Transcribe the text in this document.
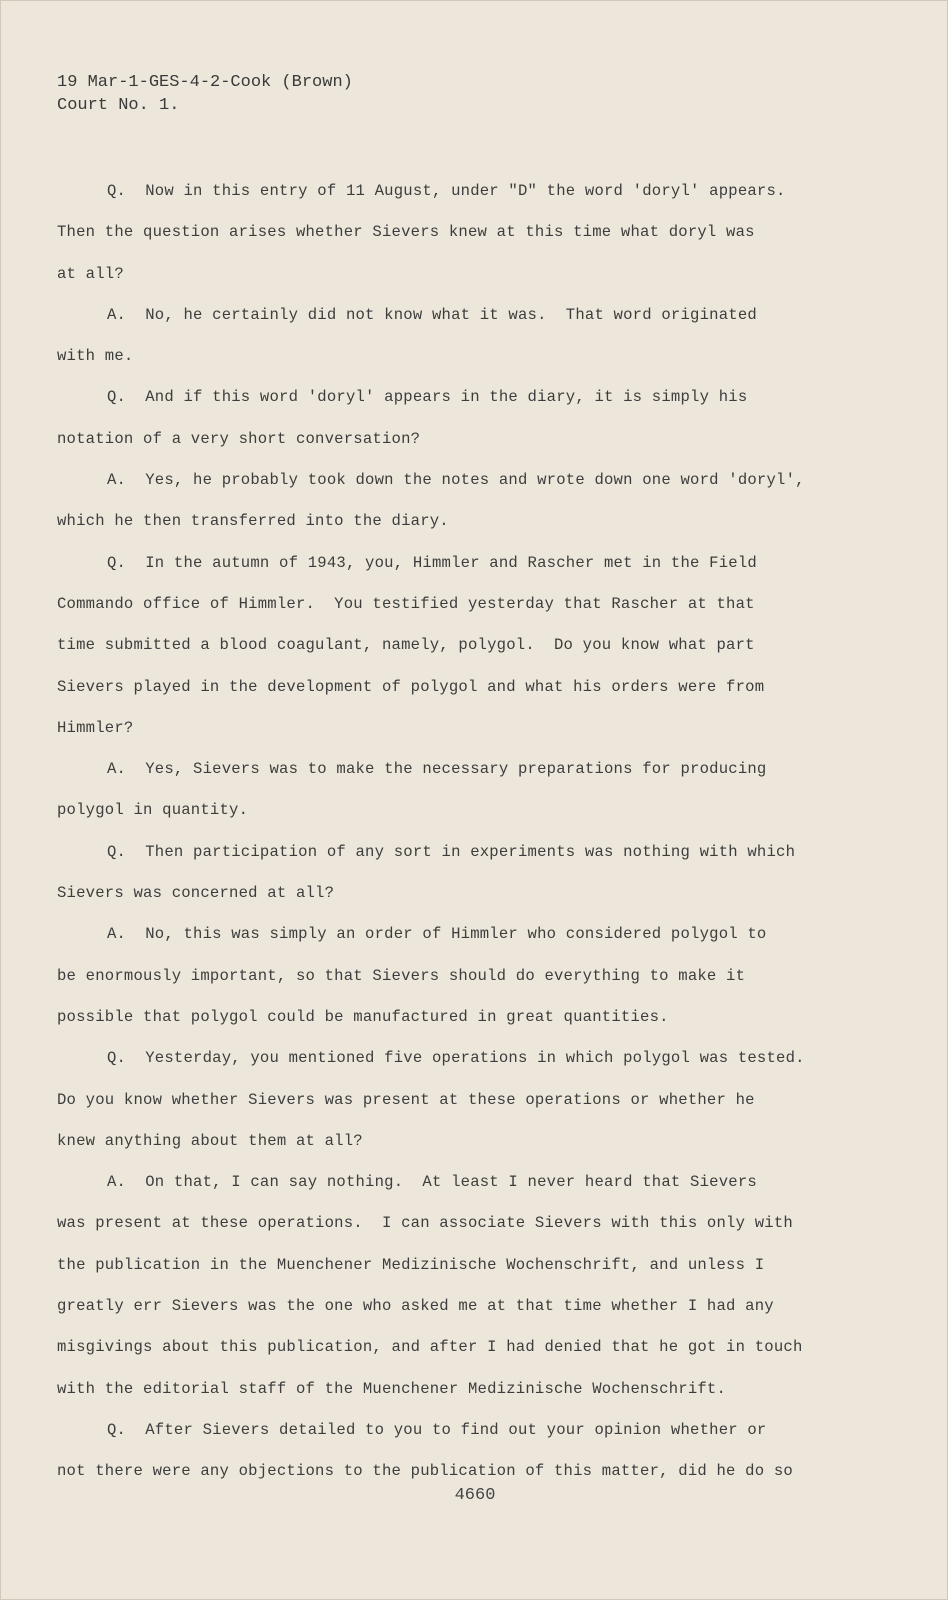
19 Mar-1-GES-4-2-Cook (Brown)
Court No. 1.
Q.  Now in this entry of 11 August, under "D" the word 'doryl' appears.
Then the question arises whether Sievers knew at this time what doryl was
at all?
A.  No, he certainly did not know what it was.  That word originated
with me.
Q.  And if this word 'doryl' appears in the diary, it is simply his
notation of a very short conversation?
A.  Yes, he probably took down the notes and wrote down one word 'doryl',
which he then transferred into the diary.
Q.  In the autumn of 1943, you, Himmler and Rascher met in the Field
Commando office of Himmler.  You testified yesterday that Rascher at that
time submitted a blood coagulant, namely, polygol.  Do you know what part
Sievers played in the development of polygol and what his orders were from
Himmler?
A.  Yes, Sievers was to make the necessary preparations for producing
polygol in quantity.
Q.  Then participation of any sort in experiments was nothing with which
Sievers was concerned at all?
A.  No, this was simply an order of Himmler who considered polygol to
be enormously important, so that Sievers should do everything to make it
possible that polygol could be manufactured in great quantities.
Q.  Yesterday, you mentioned five operations in which polygol was tested.
Do you know whether Sievers was present at these operations or whether he
knew anything about them at all?
A.  On that, I can say nothing.  At least I never heard that Sievers
was present at these operations.  I can associate Sievers with this only with
the publication in the Muenchener Medizinische Wochenschrift, and unless I
greatly err Sievers was the one who asked me at that time whether I had any
misgivings about this publication, and after I had denied that he got in touch
with the editorial staff of the Muenchener Medizinische Wochenschrift.
Q.  After Sievers detailed to you to find out your opinion whether or
not there were any objections to the publication of this matter, did he do so
4660
